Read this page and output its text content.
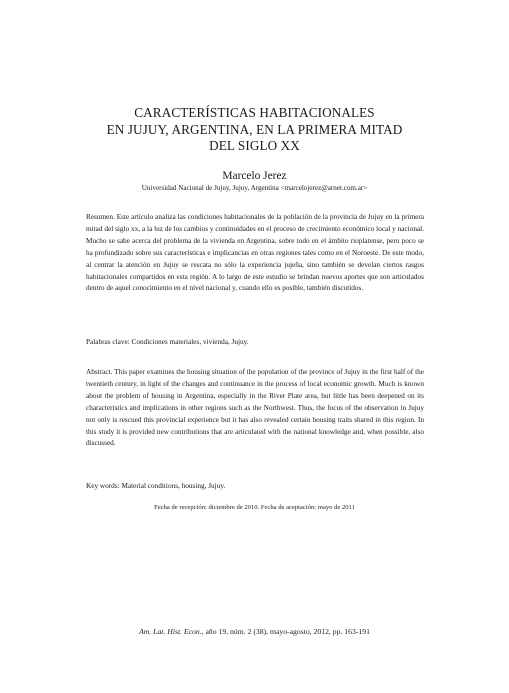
CARACTERÍSTICAS HABITACIONALES
EN JUJUY, ARGENTINA, EN LA PRIMERA MITAD
DEL SIGLO XX
Marcelo Jerez
Universidad Nacional de Jujuy, Jujuy, Argentina <marcelojerez@arnet.com.ar>
Resumen. Este artículo analiza las condiciones habitacionales de la población de la provincia de Jujuy en la primera mitad del siglo xx, a la luz de los cambios y continuidades en el proceso de crecimiento económico local y nacional. Mucho se sabe acerca del problema de la vivienda en Argentina, sobre todo en el ámbito rioplatense, pero poco se ha profundizado sobre sus características e implicancias en otras regiones tales como en el Noroeste. De este modo, al centrar la atención en Jujuy se rescata no sólo la experiencia jujeña, sino también se develan ciertos rasgos habitacionales compartidos en esta región. A lo largo de este estudio se brindan nuevos aportes que son articulados dentro de aquel conocimiento en el nivel nacional y, cuando ello es posible, también discutidos.
Palabras clave: Condiciones materiales, vivienda, Jujuy.
Abstract. This paper examines the housing situation of the population of the province of Jujuy in the first half of the twentieth century, in light of the changes and continuance in the process of local economic growth. Much is known about the problem of housing in Argentina, especially in the River Plate area, but little has been deepened on its characteristics and implications in other regions such as the Northwest. Thus, the focus of the observation in Jujuy not only is rescued this provincial experience but it has also revealed certain housing traits shared in this region. In this study it is provided new contributions that are articulated with the national knowledge and, when possible, also discussed.
Key words: Material conditions, housing, Jujuy.
Fecha de recepción: diciembre de 2010. Fecha de aceptación: mayo de 2011
Am. Lat. Hist. Econ., año 19, núm. 2 (38), mayo-agosto, 2012, pp. 163-191
